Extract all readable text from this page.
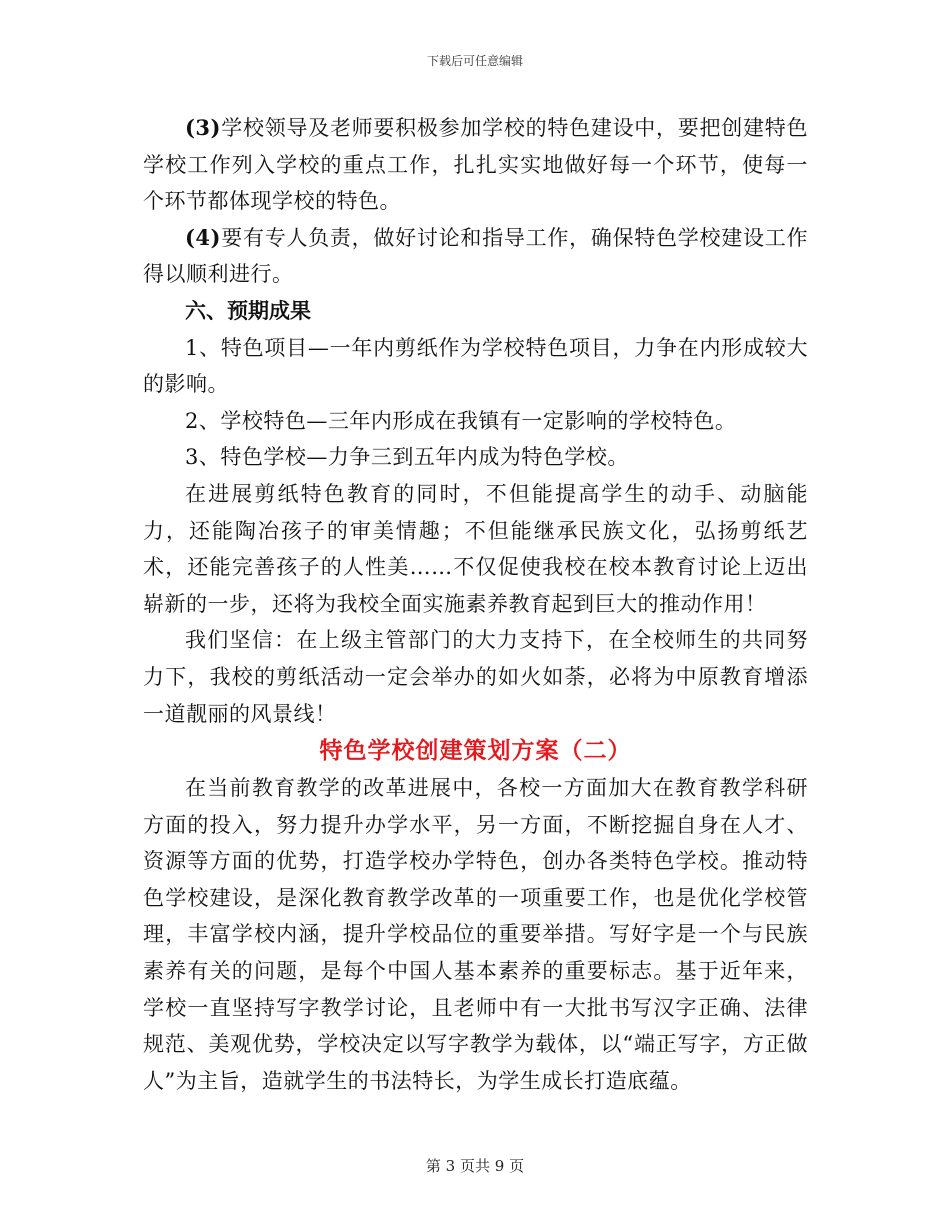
下载后可任意编辑

(3)学校领导及老师要积极参加学校的特色建设中，要把创建特色学校工作列入学校的重点工作，扎扎实实地做好每一个环节，使每一个环节都体现学校的特色。

(4)要有专人负责，做好讨论和指导工作，确保特色学校建设工作得以顺利进行。

六、预期成果

1、特色项目—一年内剪纸作为学校特色项目，力争在内形成较大的影响。

2、学校特色—三年内形成在我镇有一定影响的学校特色。

3、特色学校—力争三到五年内成为特色学校。

在进展剪纸特色教育的同时，不但能提高学生的动手、动脑能力，还能陶冶孩子的审美情趣；不但能继承民族文化，弘扬剪纸艺术，还能完善孩子的人性美……不仅促使我校在校本教育讨论上迈出崭新的一步，还将为我校全面实施素养教育起到巨大的推动作用！

我们坚信：在上级主管部门的大力支持下，在全校师生的共同努力下，我校的剪纸活动一定会举办的如火如荼，必将为中原教育增添一道靓丽的风景线！

特色学校创建策划方案（二）

在当前教育教学的改革进展中，各校一方面加大在教育教学科研方面的投入，努力提升办学水平，另一方面，不断挖掘自身在人才、资源等方面的优势，打造学校办学特色，创办各类特色学校。推动特色学校建设，是深化教育教学改革的一项重要工作，也是优化学校管理，丰富学校内涵，提升学校品位的重要举措。写好字是一个与民族素养有关的问题，是每个中国人基本素养的重要标志。基于近年来，学校一直坚持写字教学讨论，且老师中有一大批书写汉字正确、法律规范、美观优势，学校决定以写字教学为载体，以“端正写字，方正做人”为主旨，造就学生的书法特长，为学生成长打造底蕴。

第 3 页共 9 页
